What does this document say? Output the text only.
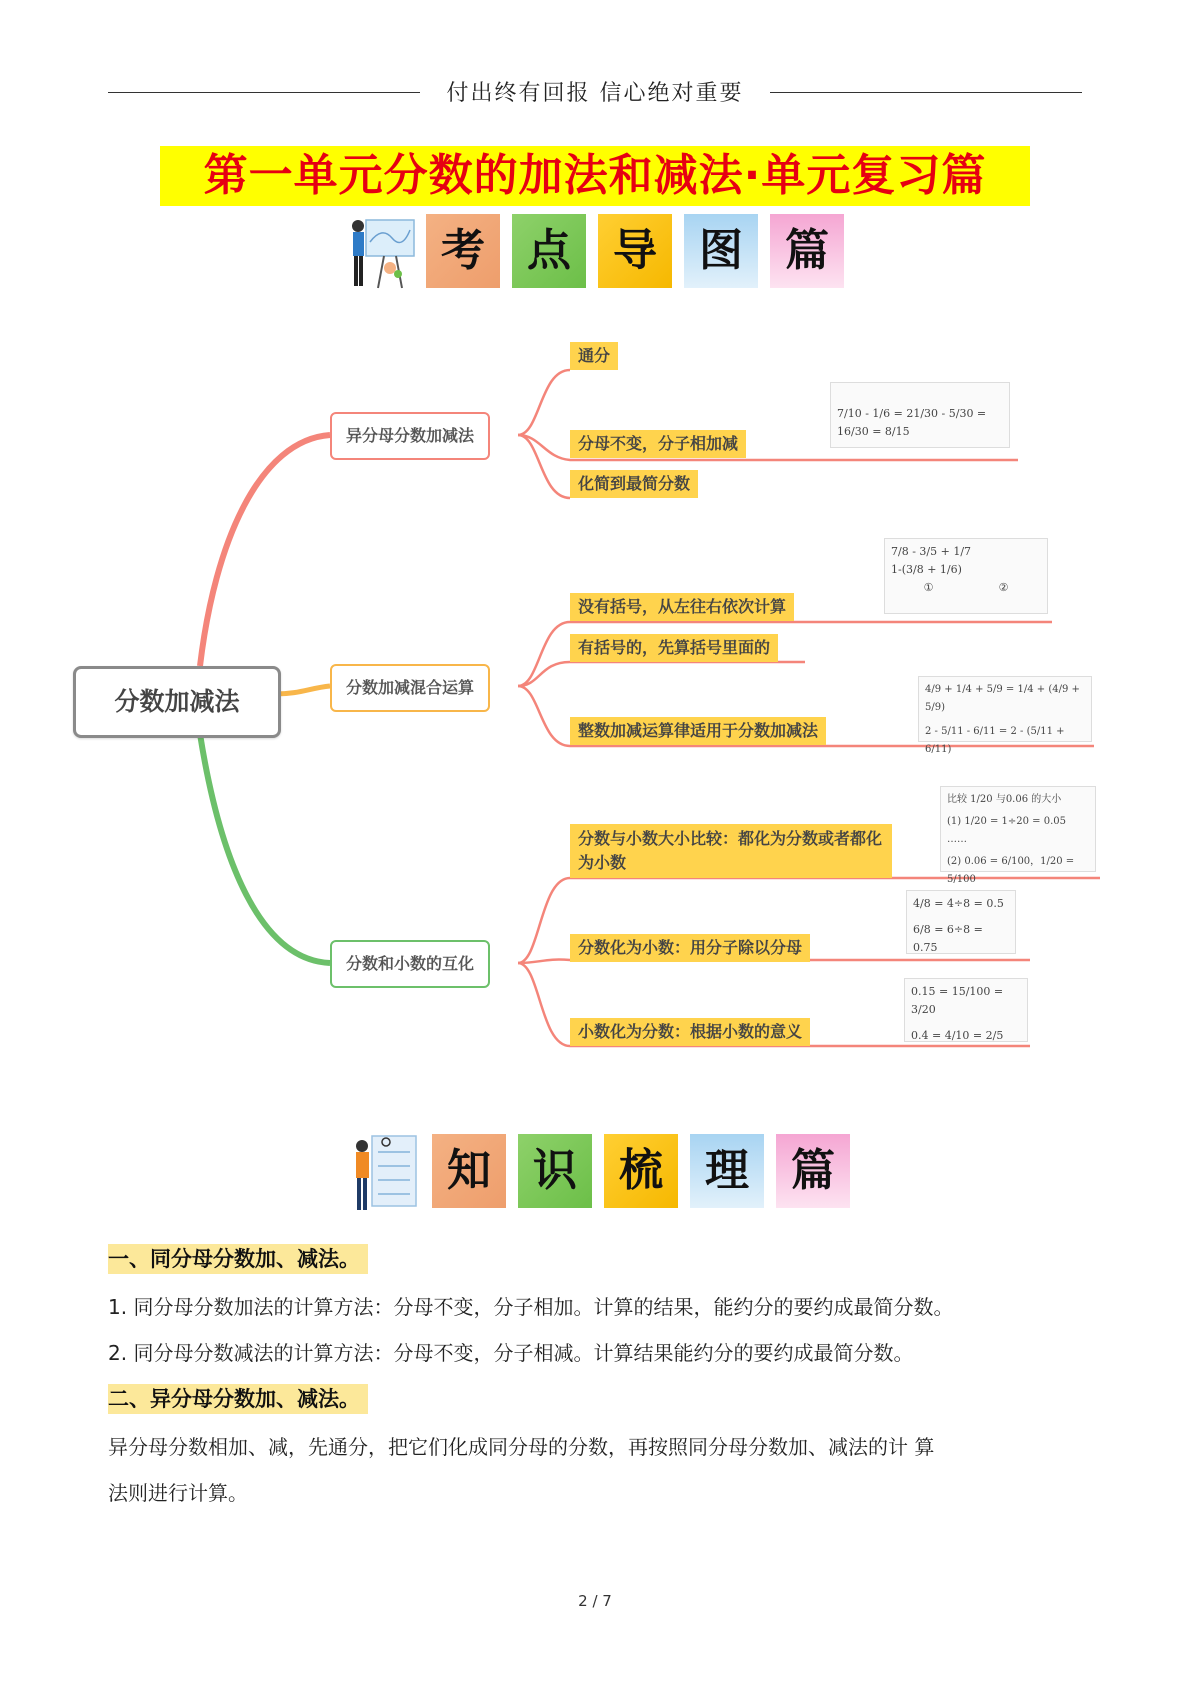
付出终有回报 信心绝对重要
第一单元分数的加法和减法·单元复习篇
考 点 导 图 篇
分数加减法
异分母分数加减法
分数加减混合运算
分数和小数的互化
通分
分母不变，分子相加减
化简到最简分数
没有括号，从左往右依次计算
有括号的，先算括号里面的
整数加减运算律适用于分数加减法
分数与小数大小比较：都化为分数或者都化为小数
分数化为小数：用分子除以分母
小数化为分数：根据小数的意义
7/10 - 1/6 = 21/30 - 5/30 = 16/30 = 8/15
7/8 - 3/5 + 1/7
1-(3/8 + 1/6)
①	②
4/9 + 1/4 + 5/9 = 1/4 + (4/9 + 5/9)
2 - 5/11 - 6/11 = 2 - (5/11 + 6/11)
比较 1/20 与0.06 的大小
(1) 1/20 = 1÷20 = 0.05 ……
(2) 0.06 = 6/100，1/20 = 5/100
4/8 = 4÷8 = 0.5
6/8 = 6÷8 = 0.75
0.15 = 15/100 = 3/20
0.4 = 4/10 = 2/5
知 识 梳 理 篇
一、同分母分数加、减法。
1. 同分母分数加法的计算方法：分母不变，分子相加。计算的结果，能约分的要约成最简分数。
2. 同分母分数减法的计算方法：分母不变，分子相减。计算结果能约分的要约成最简分数。
二、异分母分数加、减法。
异分母分数相加、减，先通分，把它们化成同分母的分数，再按照同分母分数加、减法的计 算
法则进行计算。
2 / 7
